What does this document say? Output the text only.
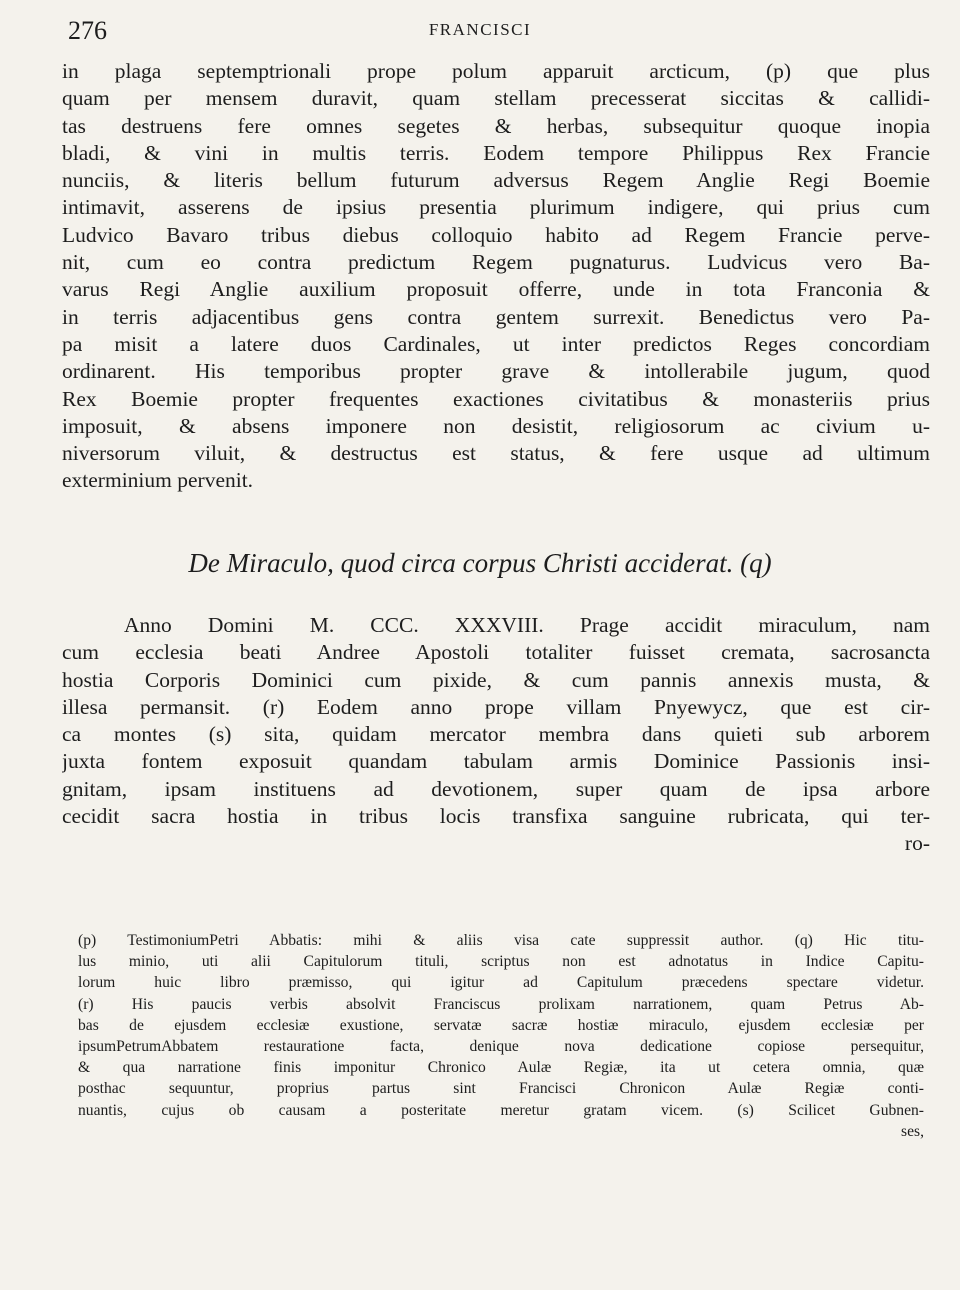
276	FRANCISCI
in plaga septemptrionali prope polum apparuit arcticum, (p) que plus
quam per mensem duravit, quam stellam precesserat siccitas & callidi-
tas destruens fere omnes segetes & herbas, subsequitur quoque inopia
bladi, & vini in multis terris. Eodem tempore Philippus Rex Francie
nunciis, & literis bellum futurum adversus Regem Anglie Regi Boemie
intimavit, asserens de ipsius presentia plurimum indigere, qui prius cum
Ludvico Bavaro tribus diebus colloquio habito ad Regem Francie perve-
nit, cum eo contra predictum Regem pugnaturus. Ludvicus vero Ba-
varus Regi Anglie auxilium proposuit offerre, unde in tota Franconia &
in terris adjacentibus gens contra gentem surrexit. Benedictus vero Pa-
pa misit a latere duos Cardinales, ut inter predictos Reges concordiam
ordinarent. His temporibus propter grave & intollerabile jugum, quod
Rex Boemie propter frequentes exactiones civitatibus & monasteriis prius
imposuit, & absens imponere non desistit, religiosorum ac civium u-
niversorum viluit, & destructus est status, & fere usque ad ultimum
exterminium pervenit.
De Miraculo, quod circa corpus Christi acciderat. (q)
Anno Domini M. CCC. XXXVIII. Prage accidit miraculum, nam
cum ecclesia beati Andree Apostoli totaliter fuisset cremata, sacrosancta
hostia Corporis Dominici cum pixide, & cum pannis annexis musta, &
illesa permansit. (r) Eodem anno prope villam Pnyewycz, que est cir-
ca montes (s) sita, quidam mercator membra dans quieti sub arborem
juxta fontem exposuit quandam tabulam armis Dominice Passionis insi-
gnitam, ipsam instituens ad devotionem, super quam de ipsa arbore
cecidit sacra hostia in tribus locis transfixa sanguine rubricata, qui ter-
ro-
(p) TestimoniumPetri Abbatis: mihi & aliis visa cate suppressit author. (q) Hic titu-
lus minio, uti alii Capitulorum tituli, scriptus non est adnotatus in Indice Capitu-
lorum huic libro præmisso, qui igitur ad Capitulum præcedens spectare videtur.
(r) His paucis verbis absolvit Franciscus prolixam narrationem, quam Petrus Ab-
bas de ejusdem ecclesiæ exustione, servatæ sacræ hostiæ miraculo, ejusdem ecclesiæ per
ipsumPetrumAbbatem restauratione facta, denique nova dedicatione copiose persequitur,
& qua narratione finis imponitur Chronico Aulæ Regiæ, ita ut cetera omnia, quæ
posthac sequuntur, proprius partus sint Francisci Chronicon Aulæ Regiæ conti-
nuantis, cujus ob causam a posteritate meretur gratam vicem. (s) Scilicet Gubnen-
ses,
